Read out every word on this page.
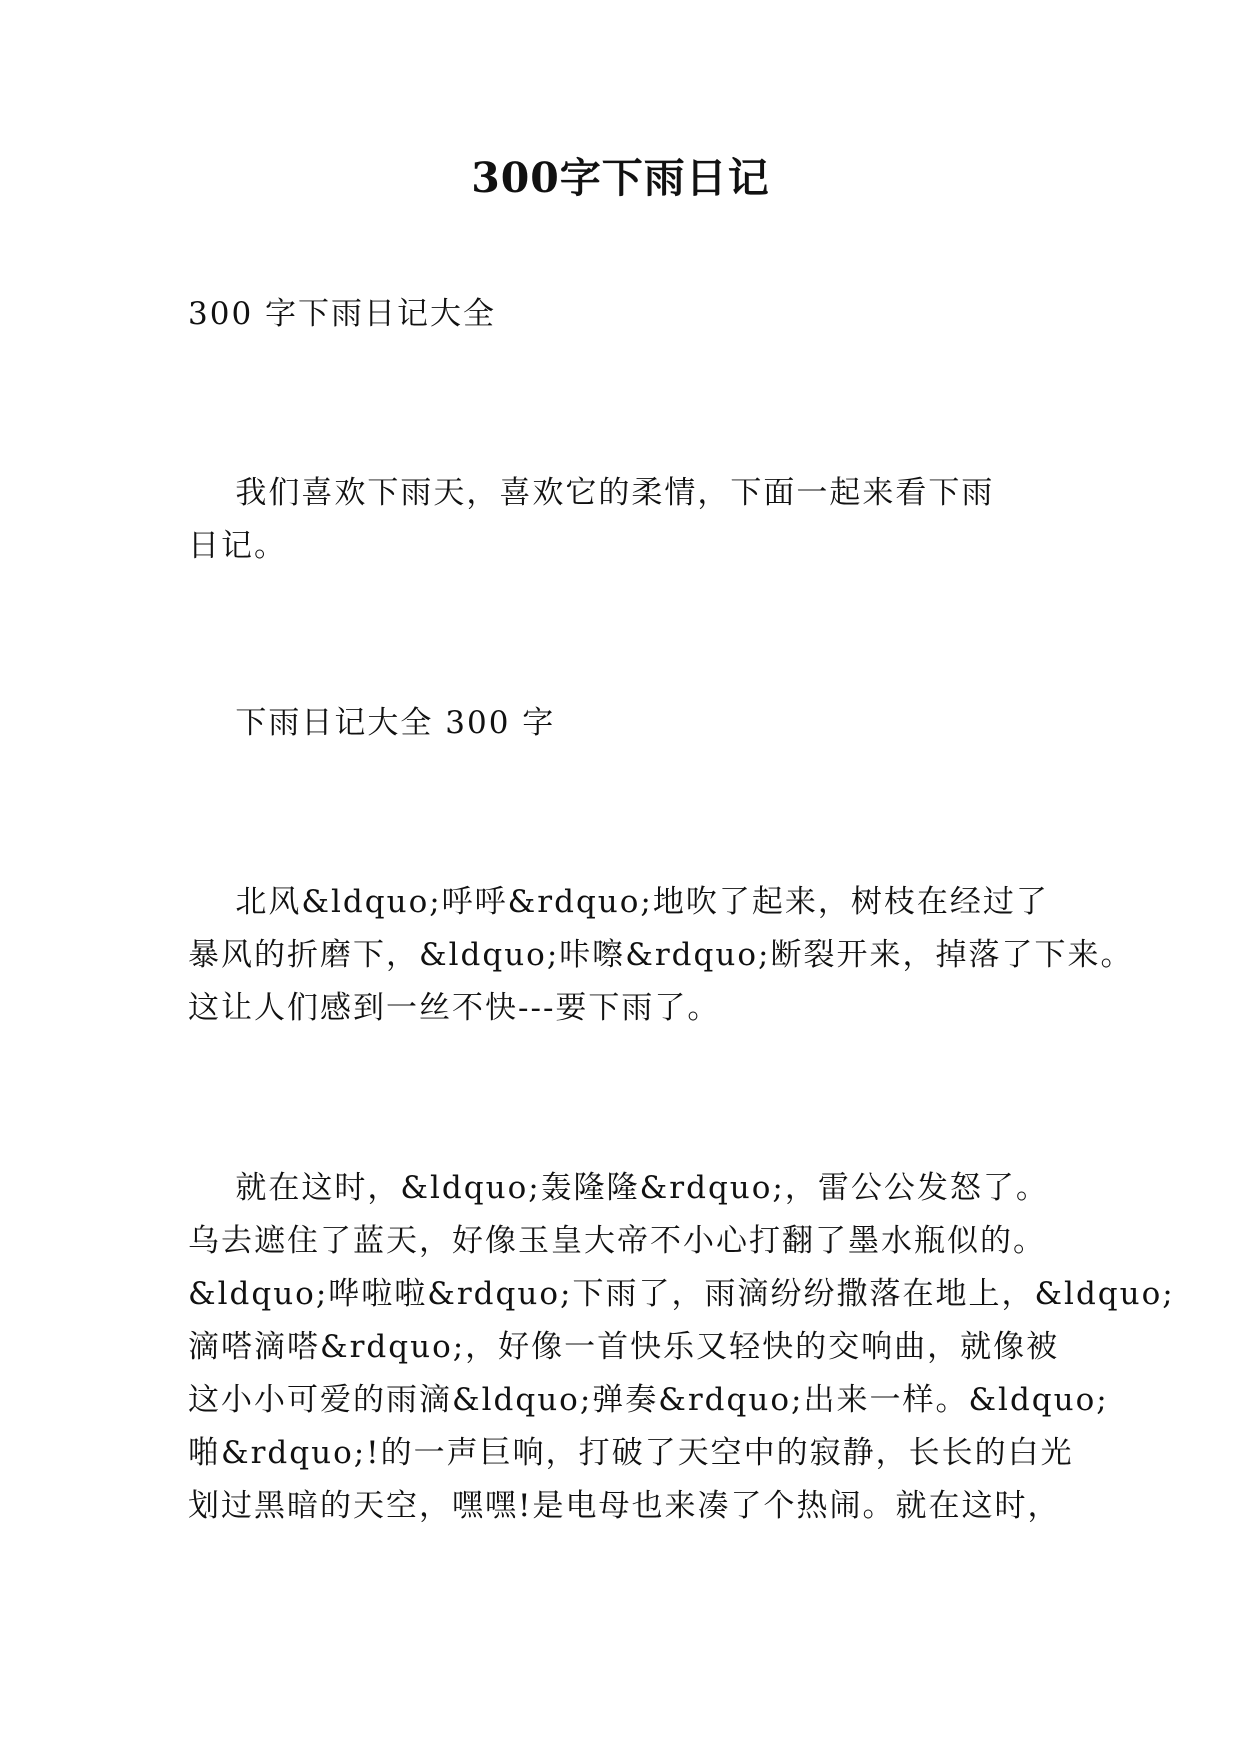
300字下雨日记

300 字下雨日记大全

我们喜欢下雨天，喜欢它的柔情，下面一起来看下雨
日记。

下雨日记大全 300 字

北风&ldquo;呼呼&rdquo;地吹了起来，树枝在经过了
暴风的折磨下，&ldquo;咔嚓&rdquo;断裂开来，掉落了下来。
这让人们感到一丝不快---要下雨了。

就在这时，&ldquo;轰隆隆&rdquo;，雷公公发怒了。
乌去遮住了蓝天，好像玉皇大帝不小心打翻了墨水瓶似的。
&ldquo;哗啦啦&rdquo;下雨了，雨滴纷纷撒落在地上，&ldquo;
滴嗒滴嗒&rdquo;，好像一首快乐又轻快的交响曲，就像被
这小小可爱的雨滴&ldquo;弹奏&rdquo;出来一样。&ldquo;
啪&rdquo;!的一声巨响，打破了天空中的寂静，长长的白光
划过黑暗的天空，嘿嘿!是电母也来凑了个热闹。就在这时，
